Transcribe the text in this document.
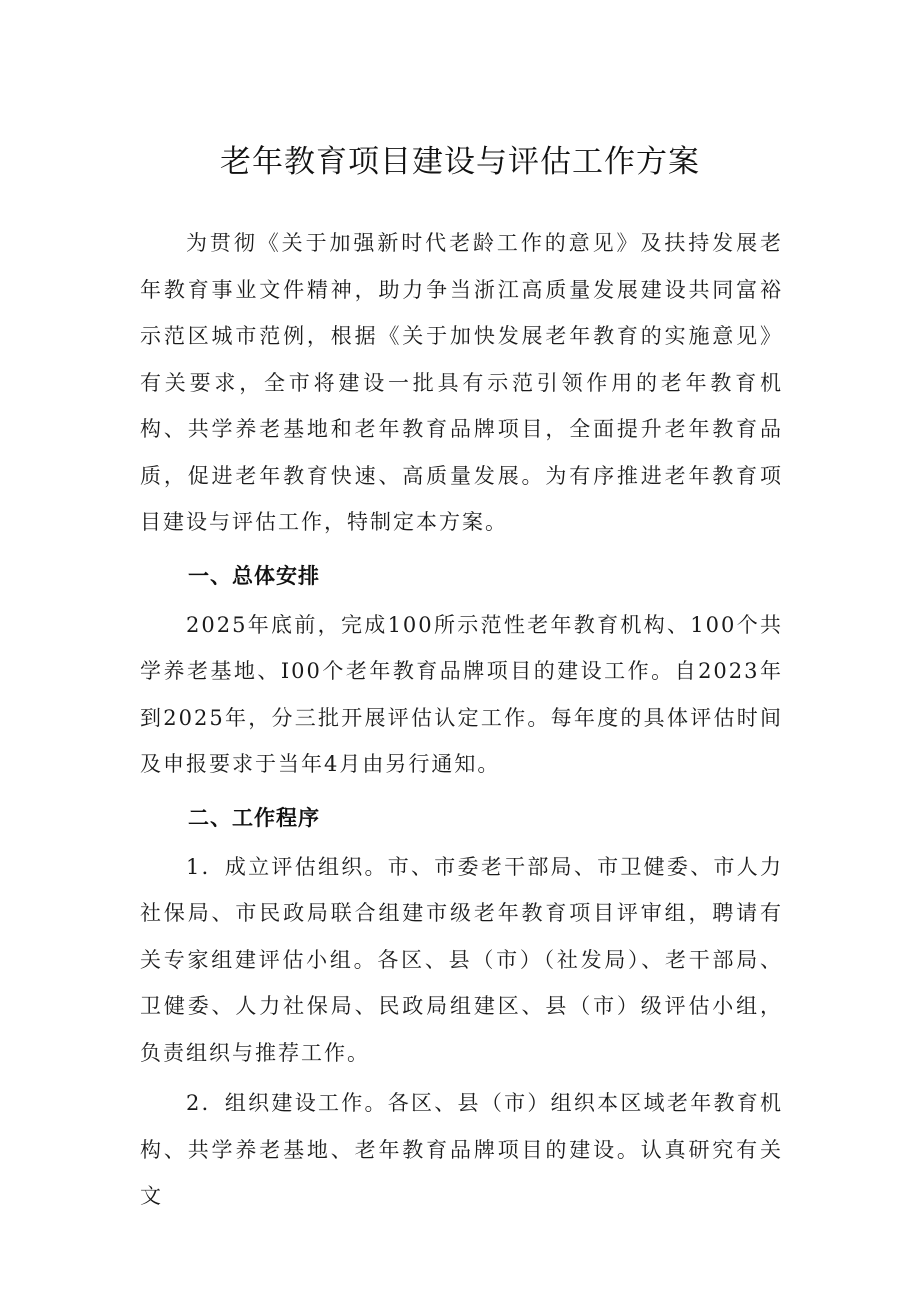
老年教育项目建设与评估工作方案

为贯彻《关于加强新时代老龄工作的意见》及扶持发展老年教育事业文件精神，助力争当浙江高质量发展建设共同富裕示范区城市范例，根据《关于加快发展老年教育的实施意见》有关要求，全市将建设一批具有示范引领作用的老年教育机构、共学养老基地和老年教育品牌项目，全面提升老年教育品质，促进老年教育快速、高质量发展。为有序推进老年教育项目建设与评估工作，特制定本方案。

一、总体安排

2025年底前，完成100所示范性老年教育机构、100个共学养老基地、I00个老年教育品牌项目的建设工作。自2023年到2025年，分三批开展评估认定工作。每年度的具体评估时间及申报要求于当年4月由另行通知。

二、工作程序

1．成立评估组织。市、市委老干部局、市卫健委、市人力社保局、市民政局联合组建市级老年教育项目评审组，聘请有关专家组建评估小组。各区、县（市）（社发局）、老干部局、卫健委、人力社保局、民政局组建区、县（市）级评估小组，负责组织与推荐工作。

2．组织建设工作。各区、县（市）组织本区域老年教育机构、共学养老基地、老年教育品牌项目的建设。认真研究有关文
